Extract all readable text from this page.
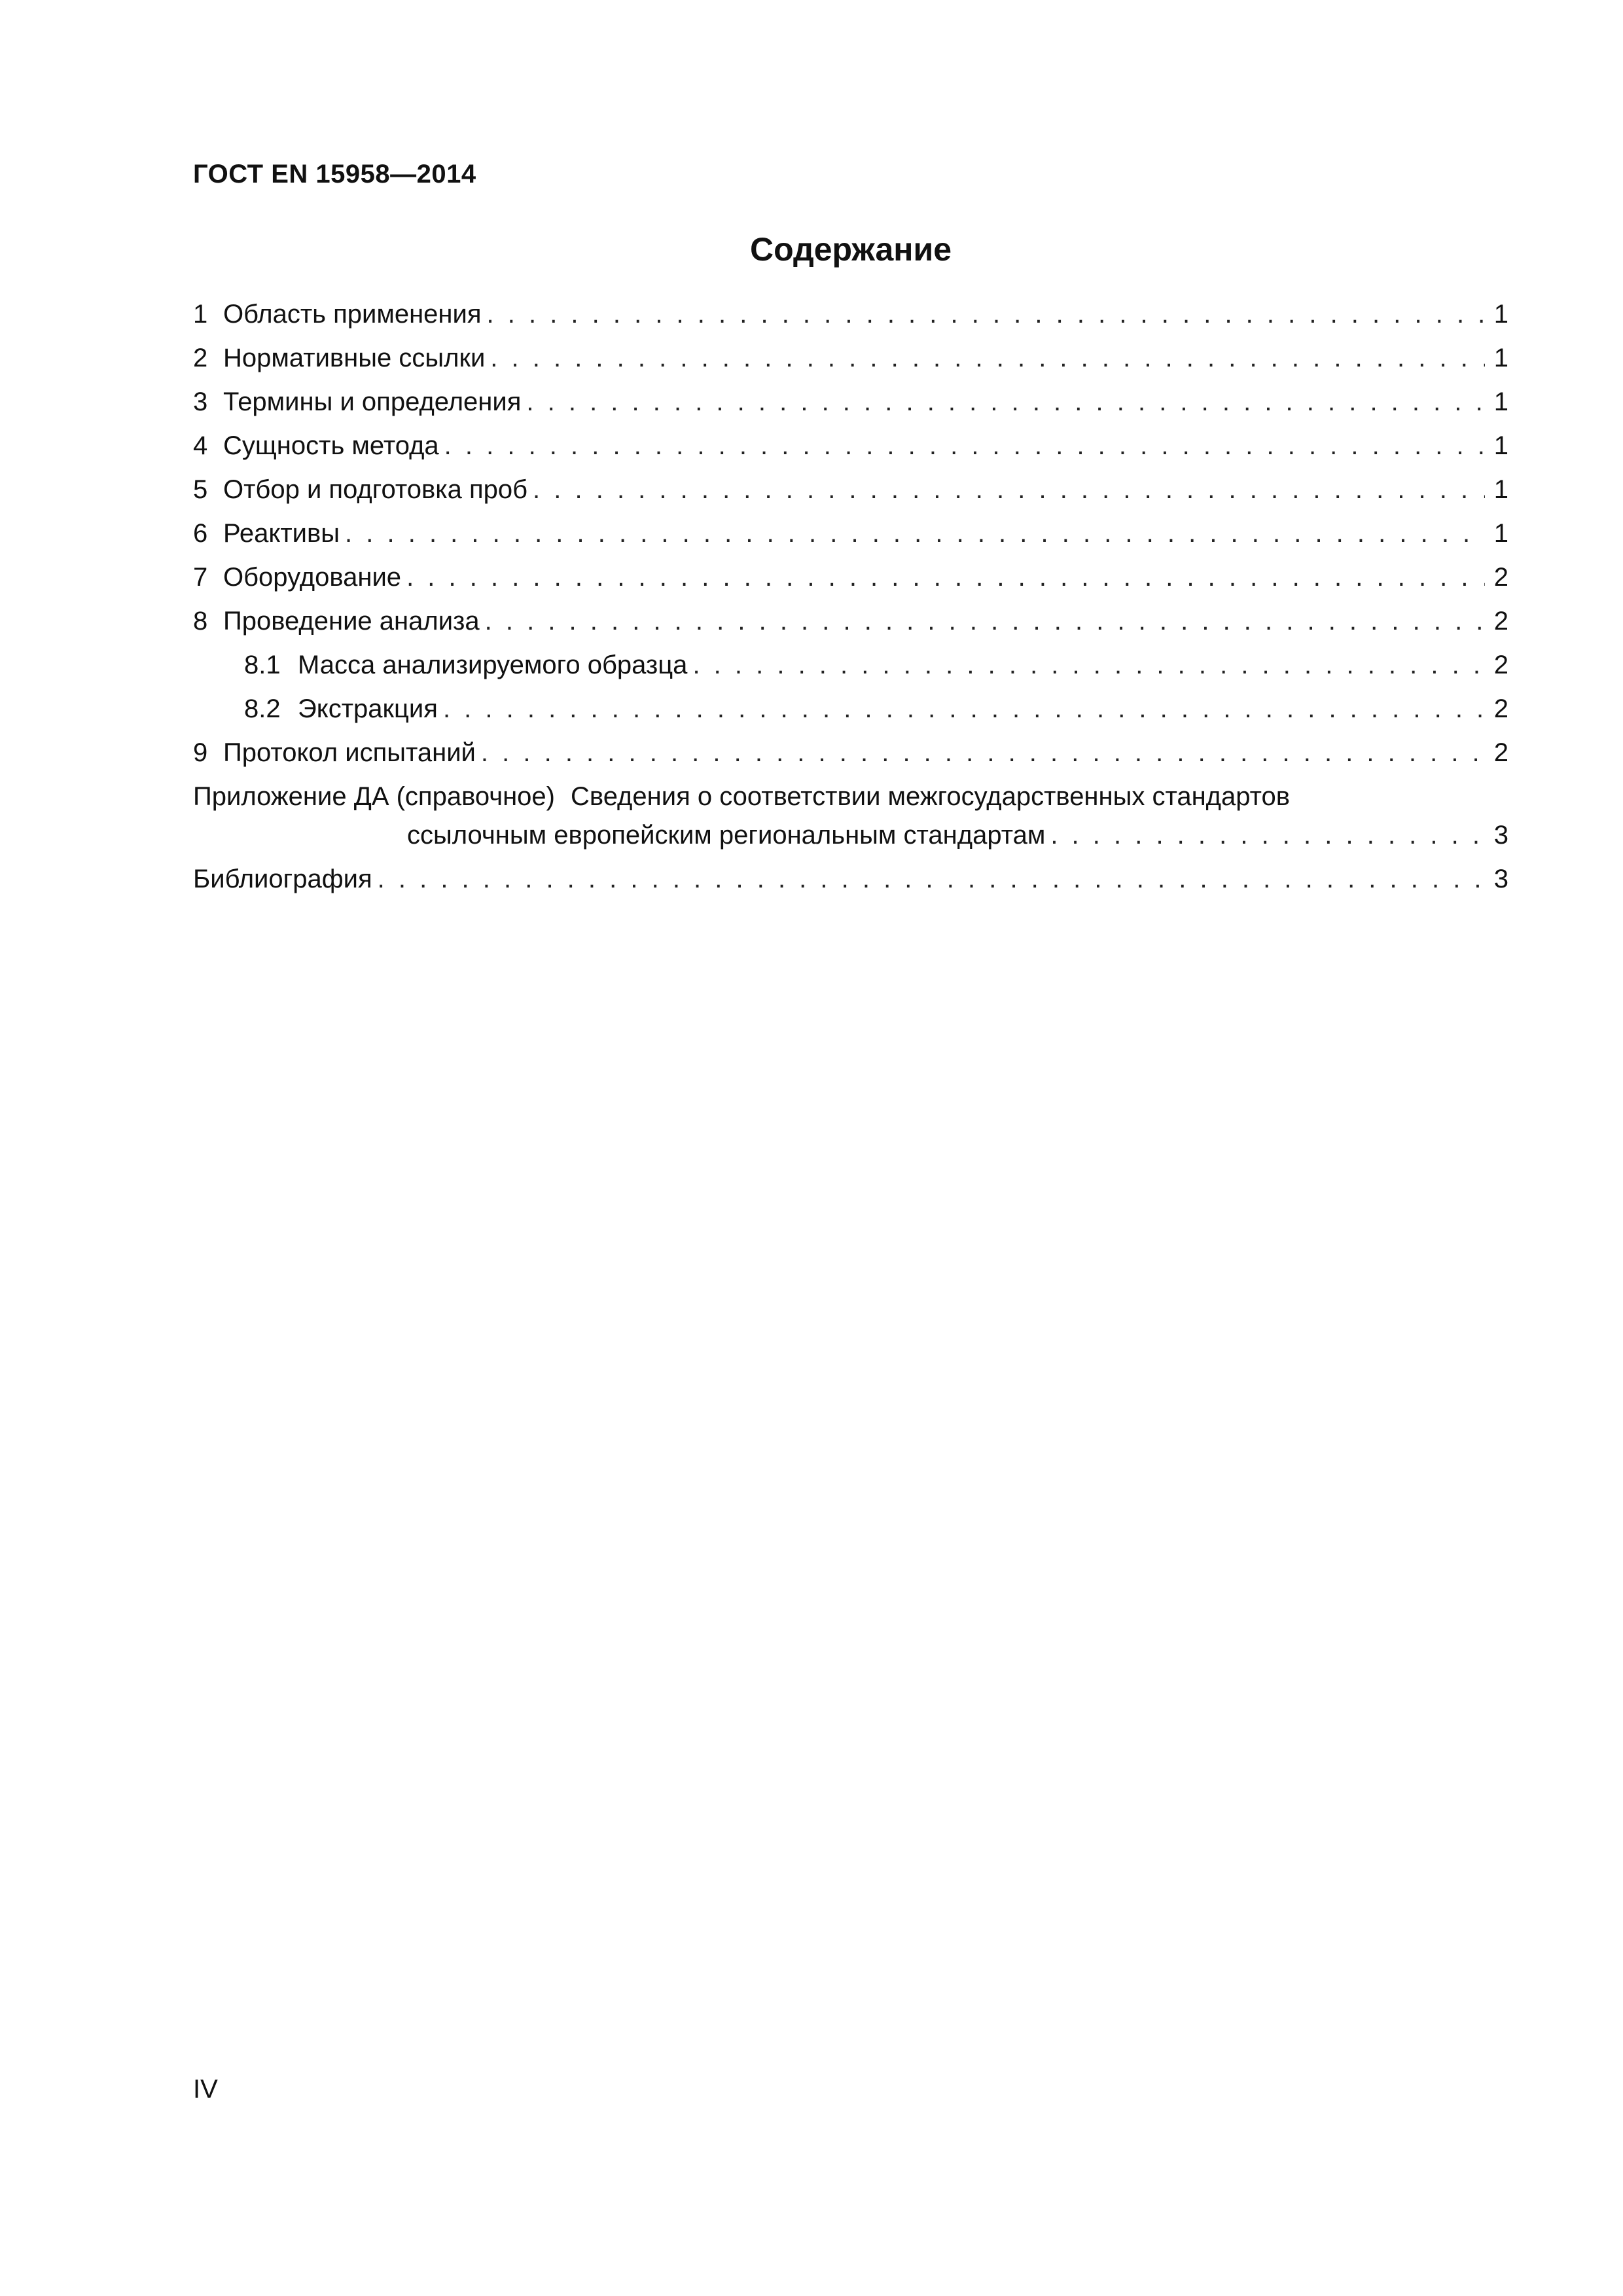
ГОСТ EN 15958—2014
Содержание
1 Область применения . . .	1
2 Нормативные ссылки . . .	1
3 Термины и определения . . .	1
4 Сущность метода . . .	1
5 Отбор и подготовка проб . . .	1
6 Реактивы . . .	1
7 Оборудование . . .	2
8 Проведение анализа . . .	2
8.1 Масса анализируемого образца . . .	2
8.2 Экстракция . . .	2
9 Протокол испытаний . . .	2
Приложение ДА (справочное) Сведения о соответствии межгосударственных стандартов
ссылочным европейским региональным стандартам . . .	3
Библиография . . .	3
IV
